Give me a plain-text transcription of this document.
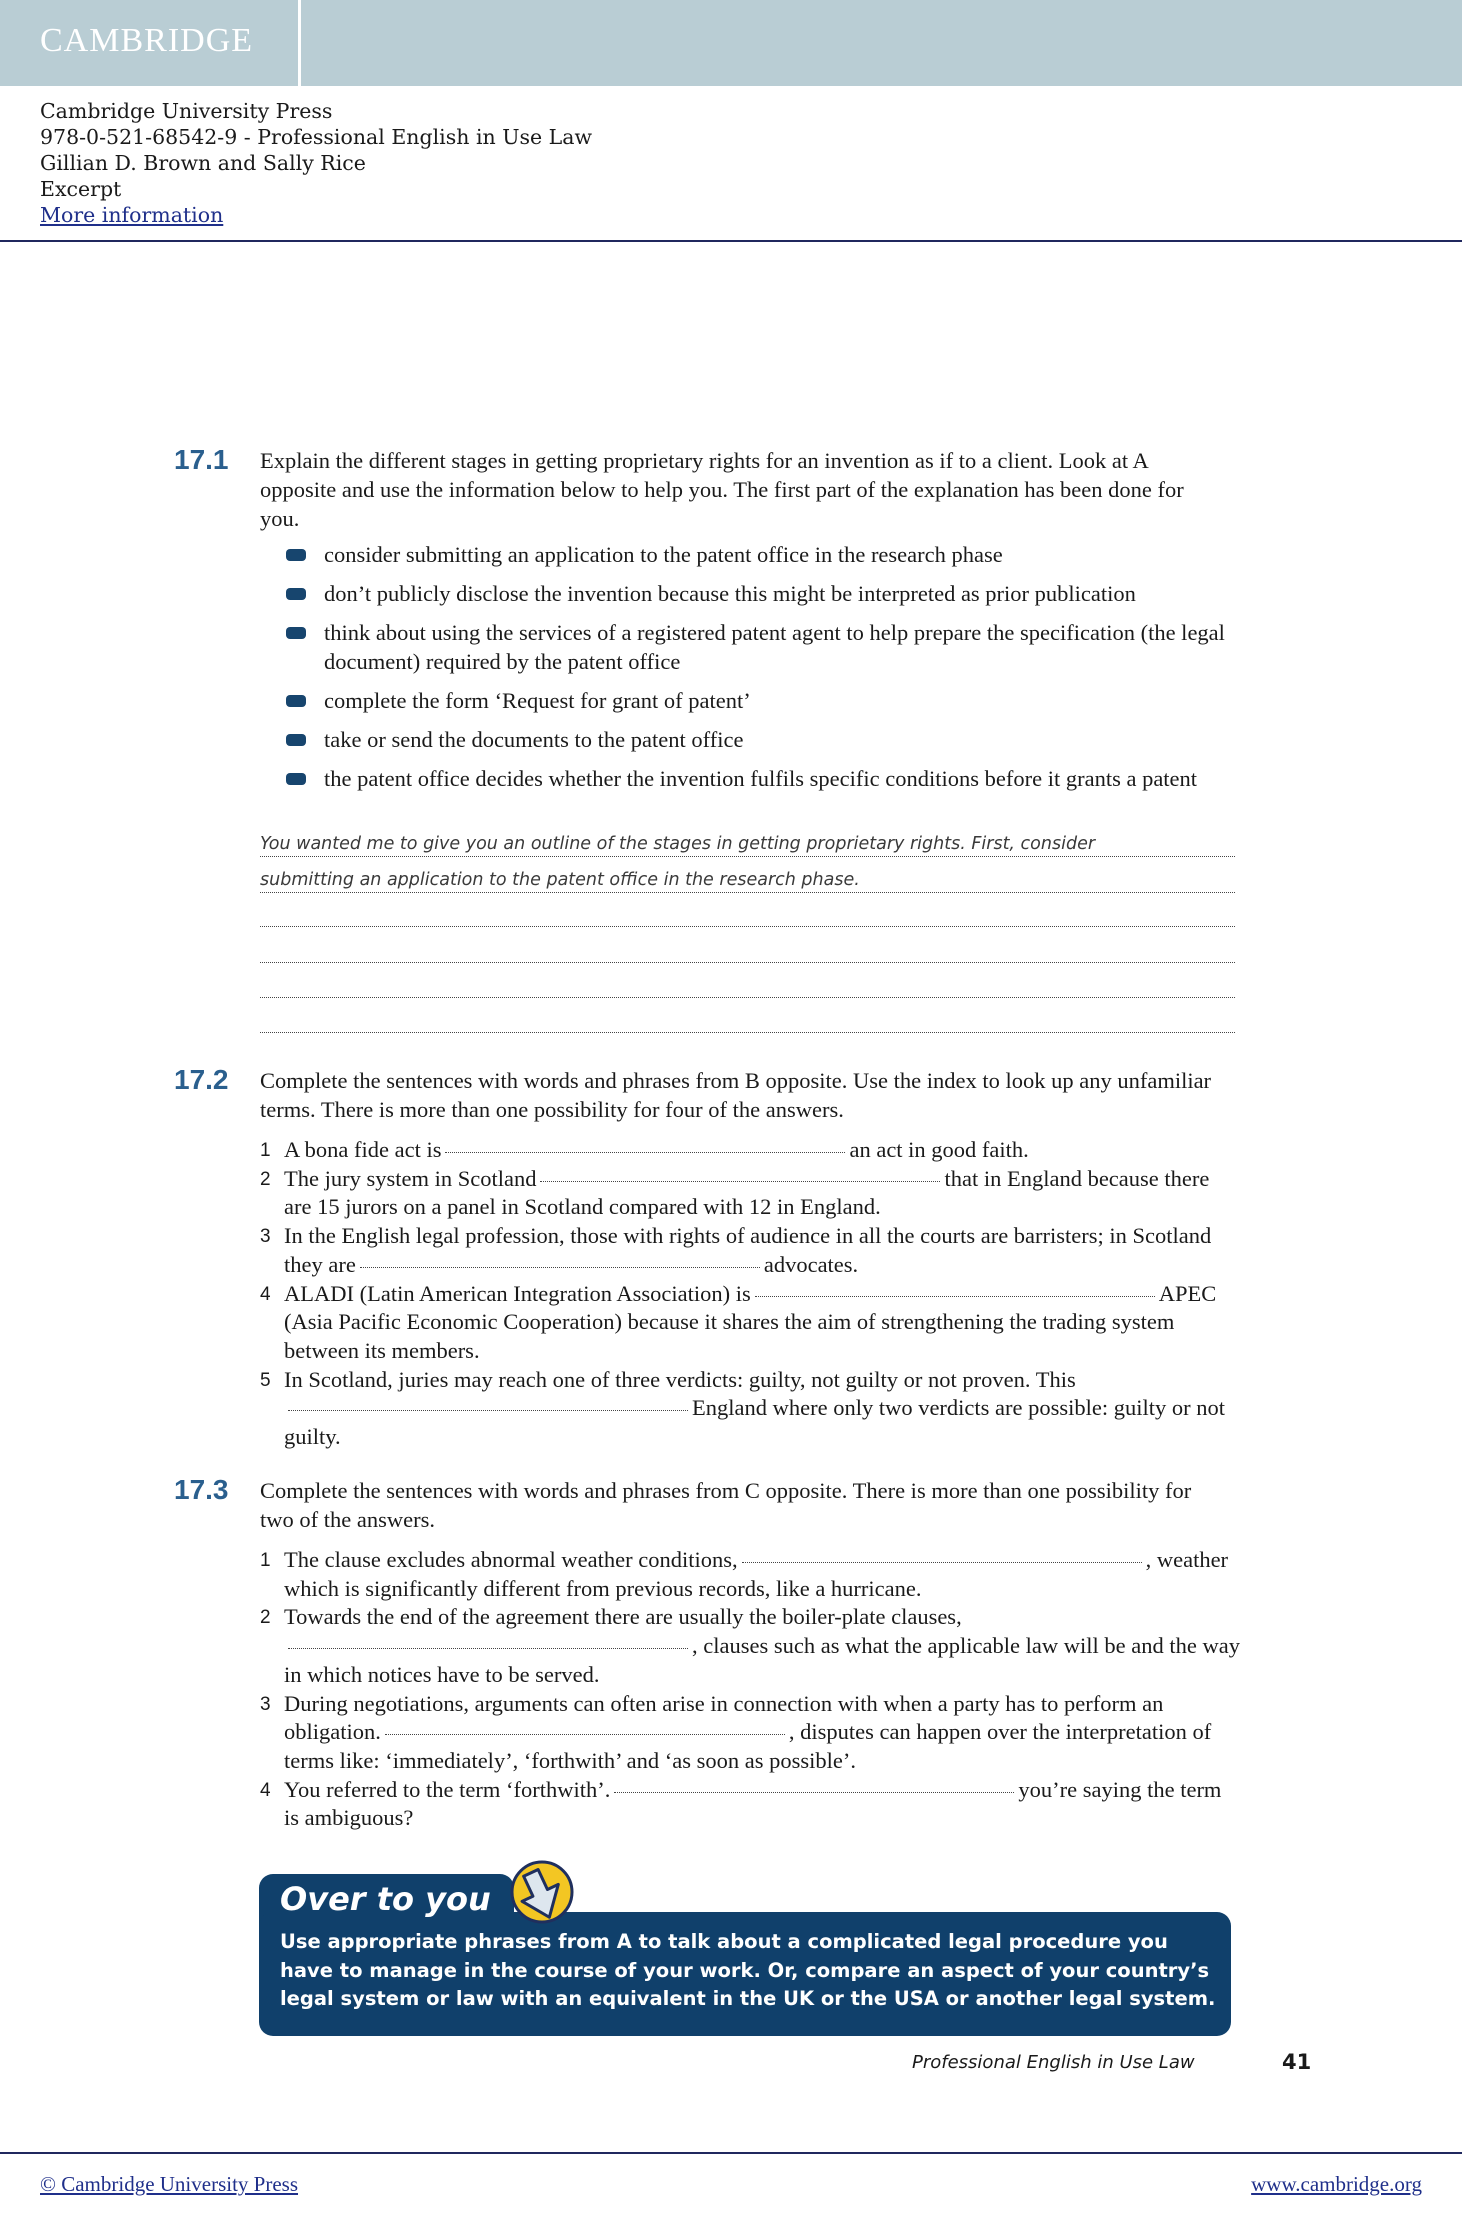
CAMBRIDGE
Cambridge University Press
978-0-521-68542-9 - Professional English in Use Law
Gillian D. Brown and Sally Rice
Excerpt
More information
17.1 Explain the different stages in getting proprietary rights for an invention as if to a client. Look at A opposite and use the information below to help you. The first part of the explanation has been done for you.
consider submitting an application to the patent office in the research phase
don’t publicly disclose the invention because this might be interpreted as prior publication
think about using the services of a registered patent agent to help prepare the specification (the legal document) required by the patent office
complete the form ‘Request for grant of patent’
take or send the documents to the patent office
the patent office decides whether the invention fulfils specific conditions before it grants a patent
You wanted me to give you an outline of the stages in getting proprietary rights. First, consider
submitting an application to the patent office in the research phase.
17.2 Complete the sentences with words and phrases from B opposite. Use the index to look up any unfamiliar terms. There is more than one possibility for four of the answers.
1 A bona fide act is	an act in good faith.
2 The jury system in Scotland	that in England because there are 15 jurors on a panel in Scotland compared with 12 in England.
3 In the English legal profession, those with rights of audience in all the courts are barristers; in Scotland they are	advocates.
4 ALADI (Latin American Integration Association) is	APEC (Asia Pacific Economic Cooperation) because it shares the aim of strengthening the trading system between its members.
5 In Scotland, juries may reach one of three verdicts: guilty, not guilty or not proven. ThisEngland where only two verdicts are possible: guilty or not guilty.
17.3 Complete the sentences with words and phrases from C opposite. There is more than one possibility for two of the answers.
1 The clause excludes abnormal weather conditions,	, weather which is significantly different from previous records, like a hurricane.
2 Towards the end of the agreement there are usually the boiler-plate clauses,, clauses such as what the applicable law will be and the way in which notices have to be served.
3 During negotiations, arguments can often arise in connection with when a party has to perform an obligation.	, disputes can happen over the interpretation of terms like: ‘immediately’, ‘forthwith’ and ‘as soon as possible’.
4 You referred to the term ‘forthwith’.	you’re saying the term is ambiguous?
Over to you
Use appropriate phrases from A to talk about a complicated legal procedure you have to manage in the course of your work. Or, compare an aspect of your country’s legal system or law with an equivalent in the UK or the USA or another legal system.
Professional English in Use Law	41
© Cambridge University Press	www.cambridge.org
